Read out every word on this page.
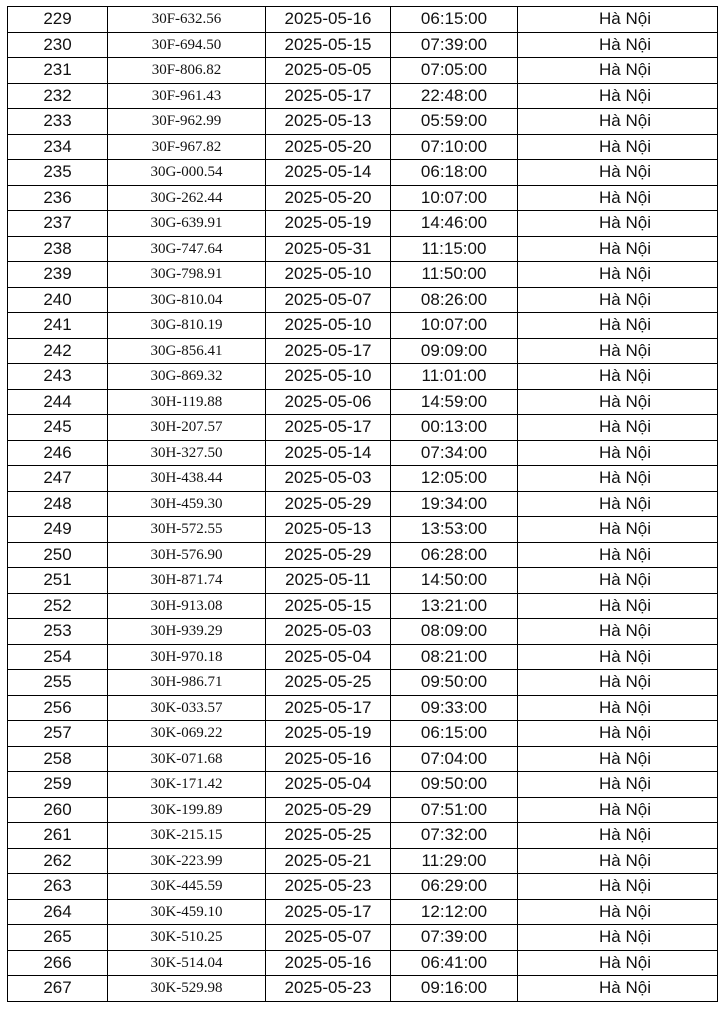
229	30F-632.56	2025-05-16	06:15:00	Hà Nội
230	30F-694.50	2025-05-15	07:39:00	Hà Nội
231	30F-806.82	2025-05-05	07:05:00	Hà Nội
232	30F-961.43	2025-05-17	22:48:00	Hà Nội
233	30F-962.99	2025-05-13	05:59:00	Hà Nội
234	30F-967.82	2025-05-20	07:10:00	Hà Nội
235	30G-000.54	2025-05-14	06:18:00	Hà Nội
236	30G-262.44	2025-05-20	10:07:00	Hà Nội
237	30G-639.91	2025-05-19	14:46:00	Hà Nội
238	30G-747.64	2025-05-31	11:15:00	Hà Nội
239	30G-798.91	2025-05-10	11:50:00	Hà Nội
240	30G-810.04	2025-05-07	08:26:00	Hà Nội
241	30G-810.19	2025-05-10	10:07:00	Hà Nội
242	30G-856.41	2025-05-17	09:09:00	Hà Nội
243	30G-869.32	2025-05-10	11:01:00	Hà Nội
244	30H-119.88	2025-05-06	14:59:00	Hà Nội
245	30H-207.57	2025-05-17	00:13:00	Hà Nội
246	30H-327.50	2025-05-14	07:34:00	Hà Nội
247	30H-438.44	2025-05-03	12:05:00	Hà Nội
248	30H-459.30	2025-05-29	19:34:00	Hà Nội
249	30H-572.55	2025-05-13	13:53:00	Hà Nội
250	30H-576.90	2025-05-29	06:28:00	Hà Nội
251	30H-871.74	2025-05-11	14:50:00	Hà Nội
252	30H-913.08	2025-05-15	13:21:00	Hà Nội
253	30H-939.29	2025-05-03	08:09:00	Hà Nội
254	30H-970.18	2025-05-04	08:21:00	Hà Nội
255	30H-986.71	2025-05-25	09:50:00	Hà Nội
256	30K-033.57	2025-05-17	09:33:00	Hà Nội
257	30K-069.22	2025-05-19	06:15:00	Hà Nội
258	30K-071.68	2025-05-16	07:04:00	Hà Nội
259	30K-171.42	2025-05-04	09:50:00	Hà Nội
260	30K-199.89	2025-05-29	07:51:00	Hà Nội
261	30K-215.15	2025-05-25	07:32:00	Hà Nội
262	30K-223.99	2025-05-21	11:29:00	Hà Nội
263	30K-445.59	2025-05-23	06:29:00	Hà Nội
264	30K-459.10	2025-05-17	12:12:00	Hà Nội
265	30K-510.25	2025-05-07	07:39:00	Hà Nội
266	30K-514.04	2025-05-16	06:41:00	Hà Nội
267	30K-529.98	2025-05-23	09:16:00	Hà Nội
